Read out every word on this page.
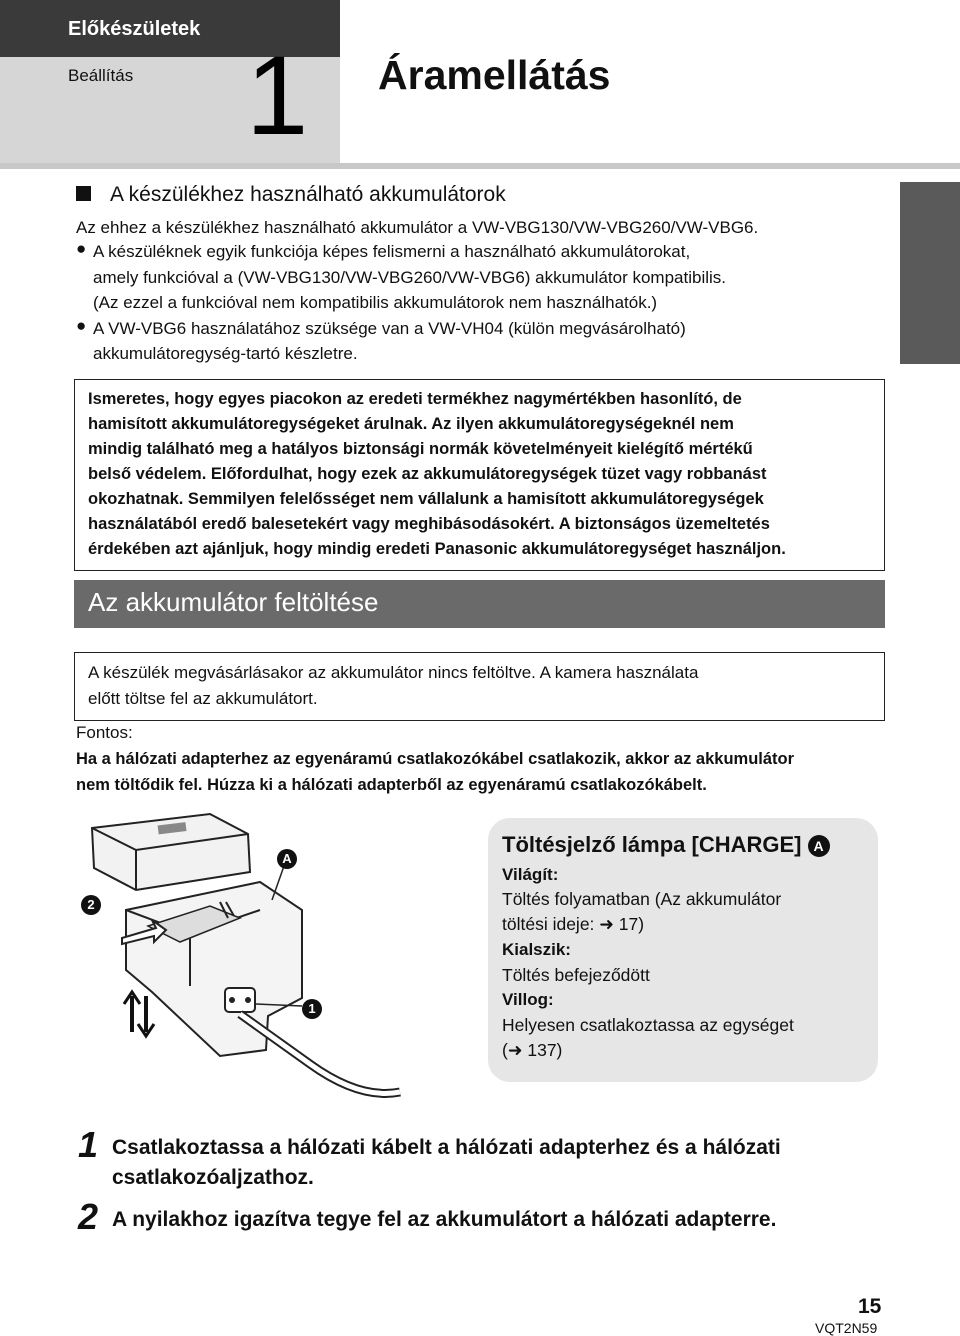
Előkészületek
Beállítás 1 Áramellátás
A készülékhez használható akkumulátorok
Az ehhez a készülékhez használható akkumulátor a VW-VBG130/VW-VBG260/VW-VBG6.
● A készüléknek egyik funkciója képes felismerni a használható akkumulátorokat,
amely funkcióval a (VW-VBG130/VW-VBG260/VW-VBG6) akkumulátor kompatibilis.
(Az ezzel a funkcióval nem kompatibilis akkumulátorok nem használhatók.)
● A VW-VBG6 használatához szüksége van a VW-VH04 (külön megvásárolható)
akkumulátoregység-tartó készletre.
Ismeretes, hogy egyes piacokon az eredeti termékhez nagymértékben hasonlító, de
hamisított akkumulátoregységeket árulnak. Az ilyen akkumulátoregységeknél nem
mindig található meg a hatályos biztonsági normák követelményeit kielégítő mértékű
belső védelem. Előfordulhat, hogy ezek az akkumulátoregységek tüzet vagy robbanást
okozhatnak. Semmilyen felelősséget nem vállalunk a hamisított akkumulátoregységek
használatából eredő balesetekért vagy meghibásodásokért. A biztonságos üzemeltetés
érdekében azt ajánljuk, hogy mindig eredeti Panasonic akkumulátoregységet használjon.
Az akkumulátor feltöltése
A készülék megvásárlásakor az akkumulátor nincs feltöltve. A kamera használata
előtt töltse fel az akkumulátort.
Fontos:
Ha a hálózati adapterhez az egyenáramú csatlakozókábel csatlakozik, akkor az akkumulátor
nem töltődik fel. Húzza ki a hálózati adapterből az egyenáramú csatlakozókábelt.
A
1
2
Töltésjelző lámpa [CHARGE] A
Világít:
Töltés folyamatban (Az akkumulátor
töltési ideje: ➜ 17)
Kialszik:
Töltés befejeződött
Villog:
Helyesen csatlakoztassa az egységet
(➜ 137)
1 Csatlakoztassa a hálózati kábelt a hálózati adapterhez és a hálózati
csatlakozóaljzathoz.
2 A nyilakhoz igazítva tegye fel az akkumulátort a hálózati adapterre.
15
VQT2N59
